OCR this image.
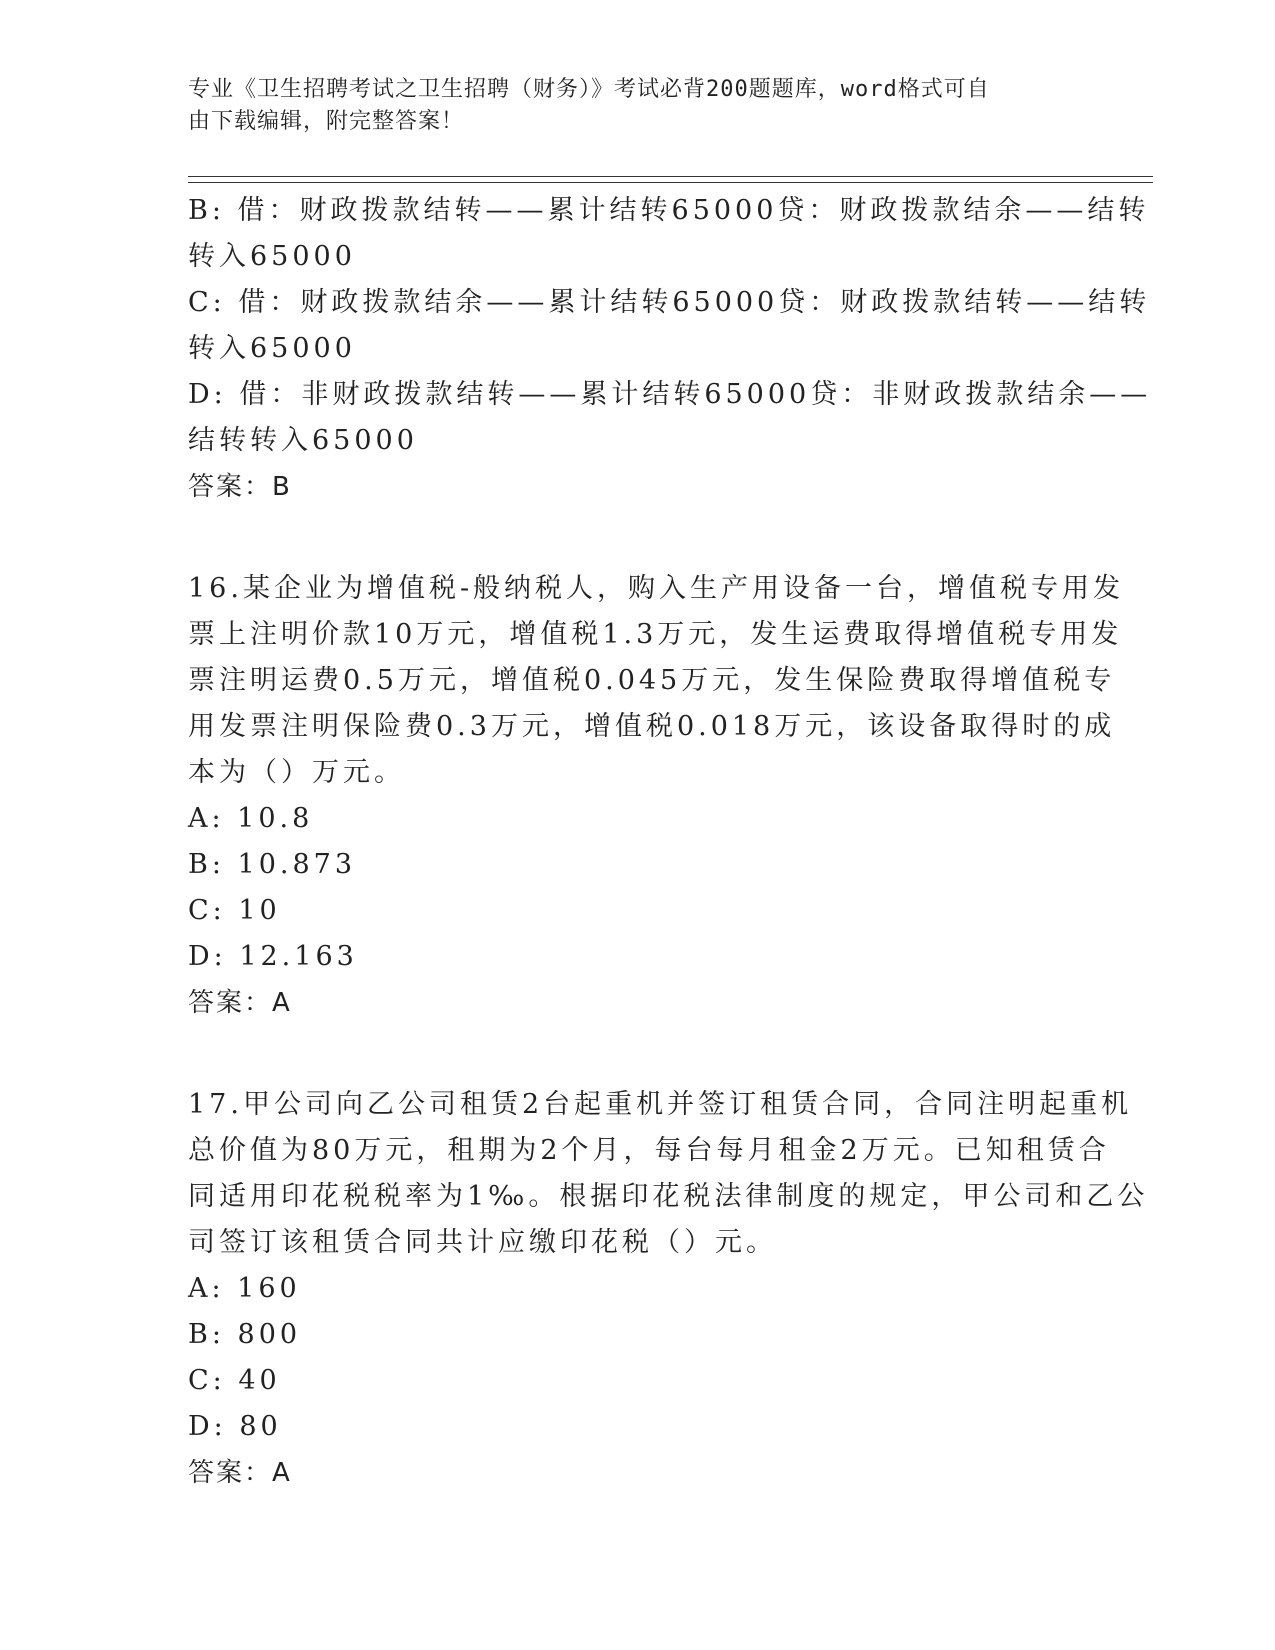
专业《卫生招聘考试之卫生招聘（财务）》考试必背200题题库，word格式可自
由下载编辑，附完整答案！
B: 借：财政拨款结转——累计结转65000贷：财政拨款结余——结转
转入65000
C: 借：财政拨款结余——累计结转65000贷：财政拨款结转——结转
转入65000
D: 借：非财政拨款结转——累计结转65000贷：非财政拨款结余——
结转转入65000
答案：B
16.某企业为增值税-般纳税人，购入生产用设备一台，增值税专用发
票上注明价款10万元，增值税1.3万元，发生运费取得增值税专用发
票注明运费0.5万元，增值税0.045万元，发生保险费取得增值税专
用发票注明保险费0.3万元，增值税0.018万元，该设备取得时的成
本为（）万元。
A: 10.8
B: 10.873
C: 10
D: 12.163
答案：A
17.甲公司向乙公司租赁2台起重机并签订租赁合同，合同注明起重机
总价值为80万元，租期为2个月，每台每月租金2万元。已知租赁合
同适用印花税税率为1‰。根据印花税法律制度的规定，甲公司和乙公
司签订该租赁合同共计应缴印花税（）元。
A: 160
B: 800
C: 40
D: 80
答案：A
